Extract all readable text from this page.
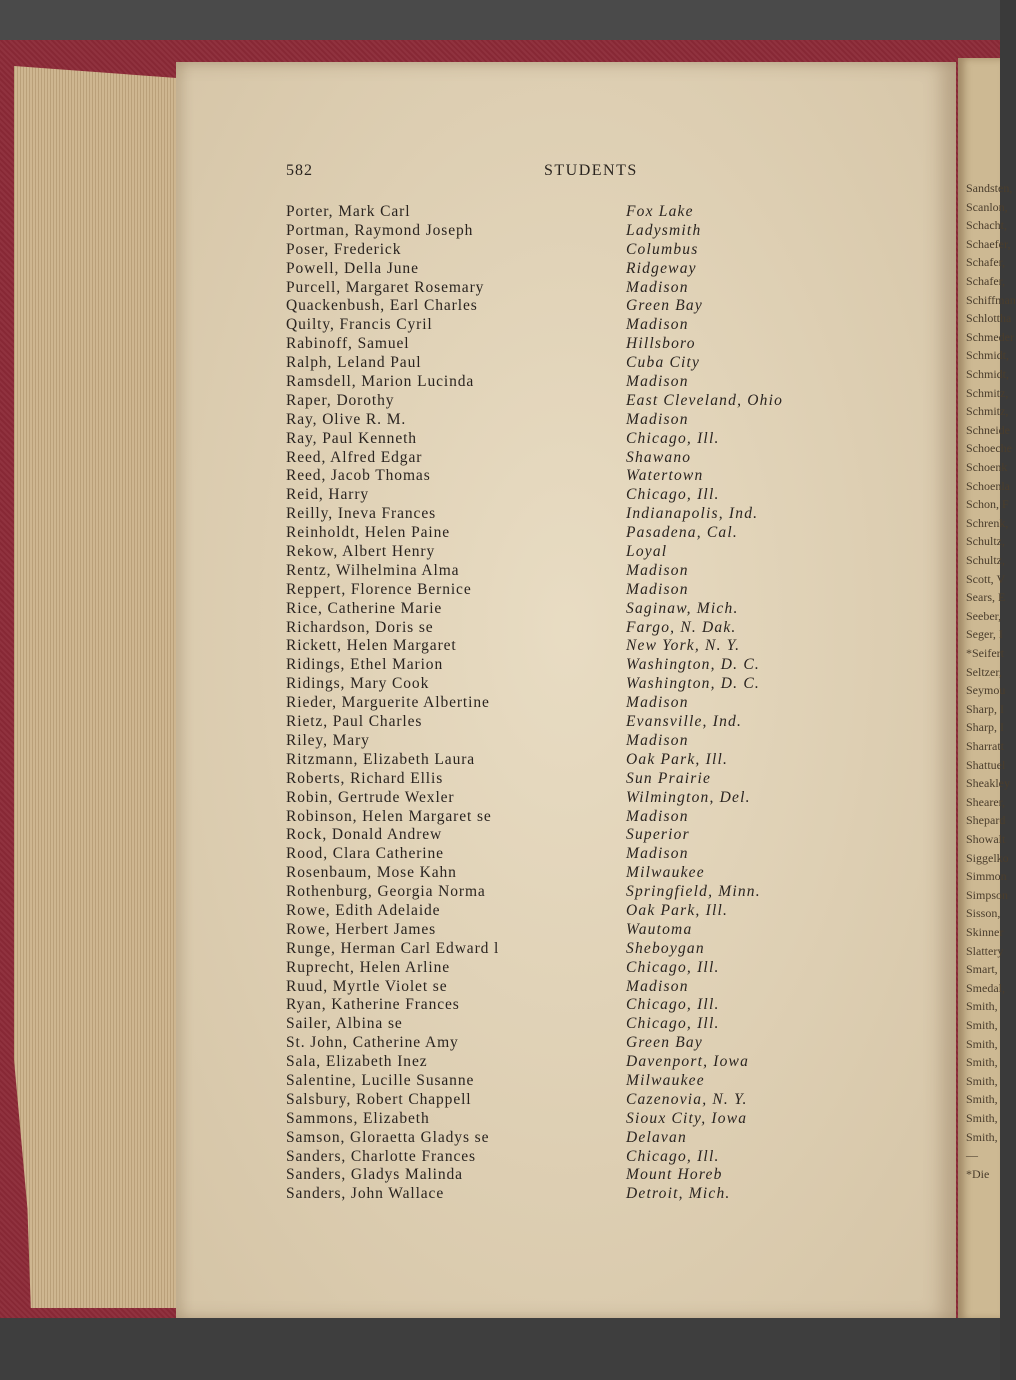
582	STUDENTS
Porter, Mark Carl	Fox Lake
Portman, Raymond Joseph	Ladysmith
Poser, Frederick	Columbus
Powell, Della June	Ridgeway
Purcell, Margaret Rosemary	Madison
Quackenbush, Earl Charles	Green Bay
Quilty, Francis Cyril	Madison
Rabinoff, Samuel	Hillsboro
Ralph, Leland Paul	Cuba City
Ramsdell, Marion Lucinda	Madison
Raper, Dorothy	East Cleveland, Ohio
Ray, Olive R. M.	Madison
Ray, Paul Kenneth	Chicago, Ill.
Reed, Alfred Edgar	Shawano
Reed, Jacob Thomas	Watertown
Reid, Harry	Chicago, Ill.
Reilly, Ineva Frances	Indianapolis, Ind.
Reinholdt, Helen Paine	Pasadena, Cal.
Rekow, Albert Henry	Loyal
Rentz, Wilhelmina Alma	Madison
Reppert, Florence Bernice	Madison
Rice, Catherine Marie	Saginaw, Mich.
Richardson, Doris se	Fargo, N. Dak.
Rickett, Helen Margaret	New York, N. Y.
Ridings, Ethel Marion	Washington, D. C.
Ridings, Mary Cook	Washington, D. C.
Rieder, Marguerite Albertine	Madison
Rietz, Paul Charles	Evansville, Ind.
Riley, Mary	Madison
Ritzmann, Elizabeth Laura	Oak Park, Ill.
Roberts, Richard Ellis	Sun Prairie
Robin, Gertrude Wexler	Wilmington, Del.
Robinson, Helen Margaret se	Madison
Rock, Donald Andrew	Superior
Rood, Clara Catherine	Madison
Rosenbaum, Mose Kahn	Milwaukee
Rothenburg, Georgia Norma	Springfield, Minn.
Rowe, Edith Adelaide	Oak Park, Ill.
Rowe, Herbert James	Wautoma
Runge, Herman Carl Edward l	Sheboygan
Ruprecht, Helen Arline	Chicago, Ill.
Ruud, Myrtle Violet se	Madison
Ryan, Katherine Frances	Chicago, Ill.
Sailer, Albina se	Chicago, Ill.
St. John, Catherine Amy	Green Bay
Sala, Elizabeth Inez	Davenport, Iowa
Salentine, Lucille Susanne	Milwaukee
Salsbury, Robert Chappell	Cazenovia, N. Y.
Sammons, Elizabeth	Sioux City, Iowa
Samson, Gloraetta Gladys se	Delavan
Sanders, Charlotte Frances	Chicago, Ill.
Sanders, Gladys Malinda	Mount Horeb
Sanders, John Wallace	Detroit, Mich.
Sandsten,
Scanlon,
Schacht,
Schaefer,
Schafer,
Schafer,
Schiffman
Schlottha
Schmeder
Schmidt,
Schmidt,
Schmitz,
Schmitz,
Schneide
Schoeche
Schoenk
Schoenla
Schon, F
Schrenk,
Schultz,
Schultz,
Scott, V
Sears, E
Seeber,
Seger, I
*Seifert
Seltzer,
Seymou
Sharp, I
Sharp, I
Sharratt
Shattuel
Sheakley
Shearer,
Shepard
Showalt
Siggelko
Simmon
Simpson
Sisson,
Skinner
Slattery
Smart,
Smedal,
Smith,
Smith,
Smith,
Smith,
Smith,
Smith,
Smith,
Smith,
—
*Die
